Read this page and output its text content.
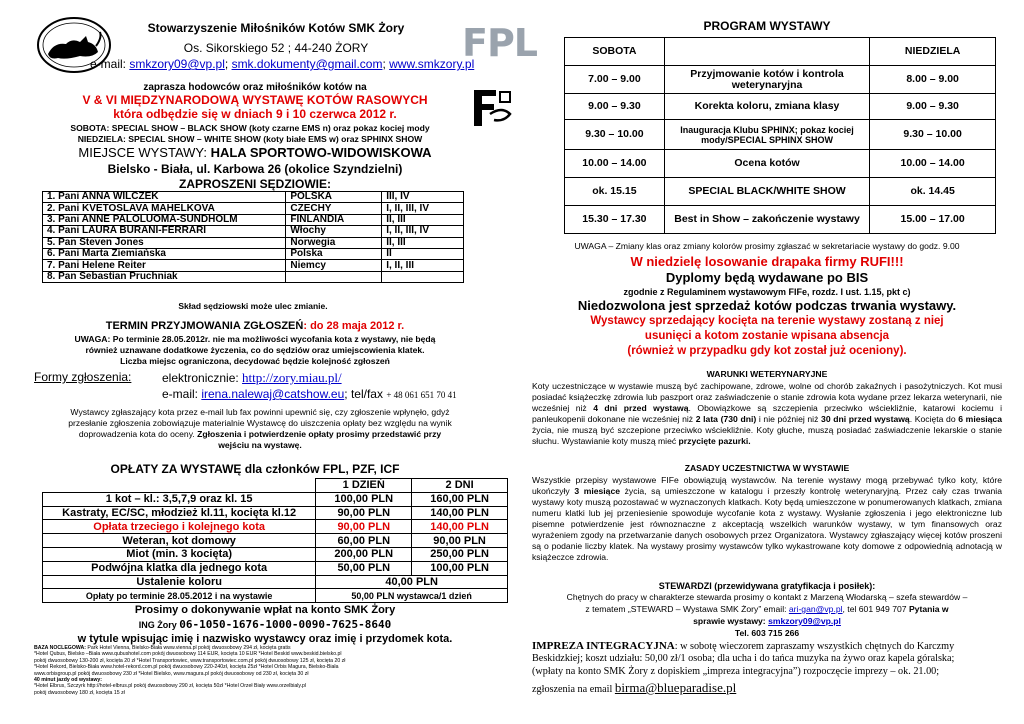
Stowarzyszenie Miłośników Kotów SMK Żory
Os. Sikorskiego 52 ; 44-240 ŻORY
e-mail: smkzory09@vp.pl; smk.dokumenty@gmail.com; www.smkzory.pl
FPL
zaprasza hodowców oraz miłośników kotów na
V & VI MIĘDZYNARODOWĄ WYSTAWĘ KOTÓW RASOWYCH
która odbędzie się w dniach 9 i 10 czerwca 2012 r.
SOBOTA: SPECIAL SHOW – BLACK SHOW (koty czarne EMS n) oraz pokaz kociej mody
NIEDZIELA: SPECIAL SHOW – WHITE SHOW (koty białe EMS w) oraz SPHINX SHOW
MIEJSCE WYSTAWY: HALA SPORTOWO-WIDOWISKOWA
Bielsko - Biała, ul. Karbowa 26 (okolice Szyndzielni)
ZAPROSZENI SĘDZIOWIE:
1. Pani ANNA WILCZEK	POLSKA	III, IV
2. Pani KVETOSLAVA MAHELKOVA	CZECHY	I, II, III, IV
3. Pani ANNE PALOLUOMA-SUNDHOLM	FINLANDIA	II, III
4. Pani LAURA BURANI-FERRARI	Włochy	I, II, III, IV
5. Pan Steven Jones	Norwegia	II, III
6. Pani Marta Ziemiańska	Polska	II
7. Pani Helene Reiter	Niemcy	I, II, III
8. Pan Sebastian Pruchniak		
Skład sędziowski może ulec zmianie.
TERMIN PRZYJMOWANIA ZGŁOSZEŃ: do 28 maja 2012 r.
UWAGA: Po terminie 28.05.2012r. nie ma możliwości wycofania kota z wystawy, nie będą
również uznawane dodatkowe życzenia, co do sędziów oraz umiejscowienia klatek.
Liczba miejsc ograniczona, decydować będzie kolejność zgłoszeń
Formy zgłoszenia:	elektronicznie: http://zory.miau.pl/
e-mail: irena.nalewaj@catshow.eu; tel/fax + 48 061 651 70 41
Wystawcy zgłaszający kota przez e-mail lub fax powinni upewnić się, czy zgłoszenie wpłynęło, gdyż
przesłanie zgłoszenia zobowiązuje materialnie Wystawcę do uiszczenia opłaty bez względu na wynik
doprowadzenia kota do oceny. Zgłoszenia i potwierdzenie opłaty prosimy przedstawić przy
wejściu na wystawę.
OPŁATY ZA WYSTAWĘ dla członków FPL, PZF, ICF
	1 DZIEŃ	2 DNI
1 kot – kl.: 3,5,7,9 oraz kl. 15	100,00 PLN	160,00 PLN
Kastraty, EC/SC, młodzież kl.11, kocięta kl.12	90,00 PLN	140,00 PLN
Opłata trzeciego i kolejnego kota	90,00 PLN	140,00 PLN
Weteran, kot domowy	60,00 PLN	90,00 PLN
Miot (min. 3 kocięta)	200,00 PLN	250,00 PLN
Podwójna klatka dla jednego kota	50,00 PLN	100,00 PLN
Ustalenie koloru	40,00 PLN	
Opłaty po terminie 28.05.2012 i na wystawie	50,00 PLN wystawca/1 dzień	
Prosimy o dokonywanie wpłat na konto SMK Żory
ING Żory 06-1050-1676-1000-0090-7625-8640
w tytule wpisując imię i nazwisko wystawcy oraz imię i przydomek kota.
BAZA NOCLEGOWA: Park Hotel Vienna, Bielsko-Biała www.vienna.pl pokój dwuosobowy 294 zł, kocięta gratis
*Hotel Qubus, Bielsko –Biała www.qubushotel.com pokój dwuosobowy 114 EUR, kocięta 10 EUR *Hotel Beskid www.beskid.bielsko.pl
pokój dwuosobowy 130-200 zł, kocięta 20 zł *Hotel Transportowiec, www.transportowiec.com.pl pokój dwuosobowy 125 zł, kocięta 20 zł
*Hotel Rekord, Bielsko-Biała www.hotel-rekord.com.pl pokój dwuosobowy 220-240zł, kocięta 25zł *Hotel Orbis Magura, Bielsko-Biała
www.orbisgroup.pl pokój dwuosobowy 230 zł *Hotel Bielsko, www.magura.pl pokój dwuosobowy od 230 zł, kocięta 30 zł
40 minut jazdy od wystawy:
*Hotel Elbrus, Szczyrk http://hotel-elbrus.pl pokój dwuosobowy 290 zł, kocięta 50zł *Hotel Orzeł Biały www.orzelbialy.pl
pokój dwuosobowy 180 zł, kocięta 15 zł

PROGRAM WYSTAWY
SOBOTA		NIEDZIELA
7.00 – 9.00	Przyjmowanie kotów i kontrola weterynaryjna	8.00 – 9.00
9.00 – 9.30	Korekta koloru, zmiana klasy	9.00 – 9.30
9.30 – 10.00	Inauguracja Klubu SPHINX; pokaz kociej mody/SPECIAL SPHINX SHOW	9.30 – 10.00
10.00 – 14.00	Ocena kotów	10.00 – 14.00
ok. 15.15	SPECIAL BLACK/WHITE SHOW	ok. 14.45
15.30 – 17.30	Best in Show – zakończenie wystawy	15.00 – 17.00
UWAGA – Zmiany klas oraz zmiany kolorów prosimy zgłaszać w sekretariacie wystawy do godz. 9.00
W niedzielę losowanie drapaka firmy RUFI!!!
Dyplomy będą wydawane po BIS
zgodnie z Regulaminem wystawowym FIFe, rozdz. I ust. 1.15, pkt c)
Niedozwolona jest sprzedaż kotów podczas trwania wystawy.
Wystawcy sprzedający kocięta na terenie wystawy zostaną z niej
usunięci a kotom zostanie wpisana absencja
(również w przypadku gdy kot został już oceniony).
WARUNKI WETERYNARYJNE
Koty uczestniczące w wystawie muszą być zachipowane, zdrowe, wolne od chorób zakaźnych i pasożytniczych. Kot musi posiadać książeczkę zdrowia lub paszport oraz zaświadczenie o stanie zdrowia kota wydane przez lekarza weterynarii, nie wcześniej niż 4 dni przed wystawą. Obowiązkowe są szczepienia przeciwko wściekliźnie, katarowi kociemu i panleukopenii dokonane nie wcześniej niż 2 lata (730 dni) i nie później niż 30 dni przed wystawą. Kocięta do 6 miesiąca życia, nie muszą być szczepione przeciwko wściekliźnie. Koty głuche, muszą posiadać zaświadczenie lekarskie o stanie słuchu. Wystawianie koty muszą mieć przycięte pazurki.
ZASADY UCZESTNICTWA W WYSTAWIE
Wszystkie przepisy wystawowe FIFe obowiązują wystawców. Na terenie wystawy mogą przebywać tylko koty, które ukończyły 3 miesiące życia, są umieszczone w katalogu i przeszły kontrolę weterynaryjną. Przez cały czas trwania wystawy koty muszą pozostawać w wyznaczonych klatkach. Koty będą umieszczone w ponumerowanych klatkach, zmiana numeru klatki lub jej przeniesienie spowoduje wycofanie kota z wystawy. Wysłanie zgłoszenia i jego elektroniczne lub pisemne potwierdzenie jest równoznaczne z akceptacją wszelkich warunków wystawy, w tym finansowych oraz wyrażeniem zgody na przetwarzanie danych osobowych przez Organizatora. Wystawcy zgłaszający więcej kotów proszeni są o podanie liczby klatek. Na wystawy prosimy wystawców tylko wykastrowane koty domowe z odpowiednią adnotacją w książeczce zdrowia.
STEWARDZI (przewidywana gratyfikacja i posiłek):
Chętnych do pracy w charakterze stewarda prosimy o kontakt z Marzeną Włodarską – szefa stewardów –
z tematem „STEWARD – Wystawa SMK Żory” email: ari-gan@vp.pl, tel 601 949 707 Pytania w
sprawie wystawy: smkzory09@vp.pl
Tel. 603 715 266
IMPREZA INTEGRACYJNA: w sobotę wieczorem zapraszamy wszystkich chętnych do Karczmy
Beskidzkiej; koszt udziału: 50,00 zł/1 osoba; dla ucha i do tańca muzyka na żywo oraz kapela góralska;
(wpłaty na konto SMK Żory z dopiskiem „impreza integracyjna”) rozpoczęcie imprezy – ok. 21.00;
zgłoszenia na email birma@blueparadise.pl
